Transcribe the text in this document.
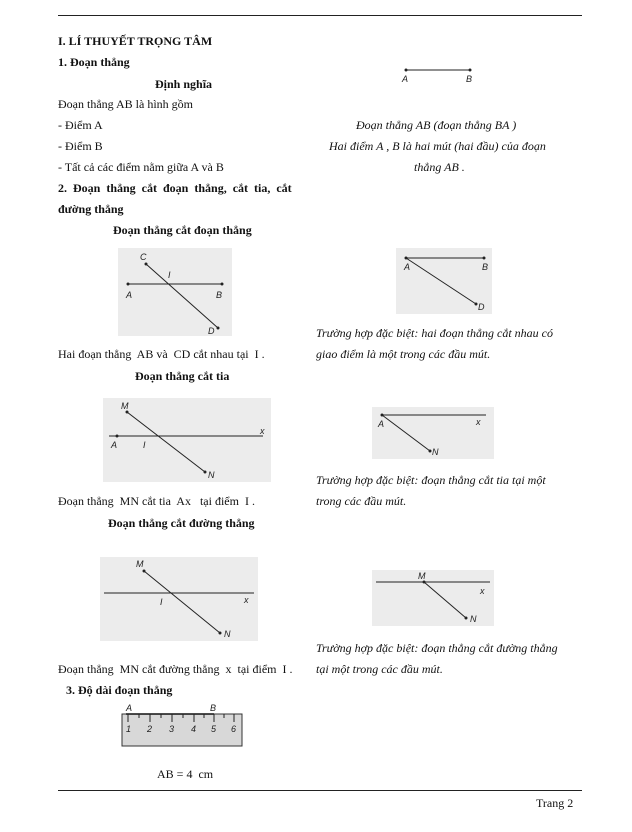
I. LÍ THUYẾT TRỌNG TÂM
1. Đoạn thẳng
Định nghĩa
Đoạn thẳng AB là hình gồm
- Điểm A
- Điểm B
- Tất cả các điểm nằm giữa A và B
A	B
Đoạn thẳng AB (đoạn thẳng BA )
Hai điểm A , B là hai mút (hai đầu) của đoạn
thẳng AB .
2.  Đoạn  thẳng  cắt  đoạn  thẳng,  cắt  tia,  cắt
đường thẳng
Đoạn thẳng cắt đoạn thẳng
C
I
A	B
D
Hai đoạn thẳng  AB và  CD cắt nhau tại  I .
A	B
D
Trường hợp đặc biệt: hai đoạn thẳng cắt nhau có
giao điểm là một trong các đầu mút.
Đoạn thẳng cắt tia
M
A	I
x
N
Đoạn thẳng  MN cắt tia  Ax   tại điểm  I .
A	x
N
Trường hợp đặc biệt: đoạn thẳng cắt tia tại một
trong các đầu mút.
Đoạn thẳng cắt đường thẳng
M
I	x
N
Đoạn thẳng  MN cắt đường thẳng  x  tại điểm  I .
M
x
N
Trường hợp đặc biệt: đoạn thẳng cắt đường thẳng
tại một trong các đầu mút.
3. Độ dài đoạn thẳng
A	B
1 2 3 4 5 6
AB = 4  cm
Trang 2
